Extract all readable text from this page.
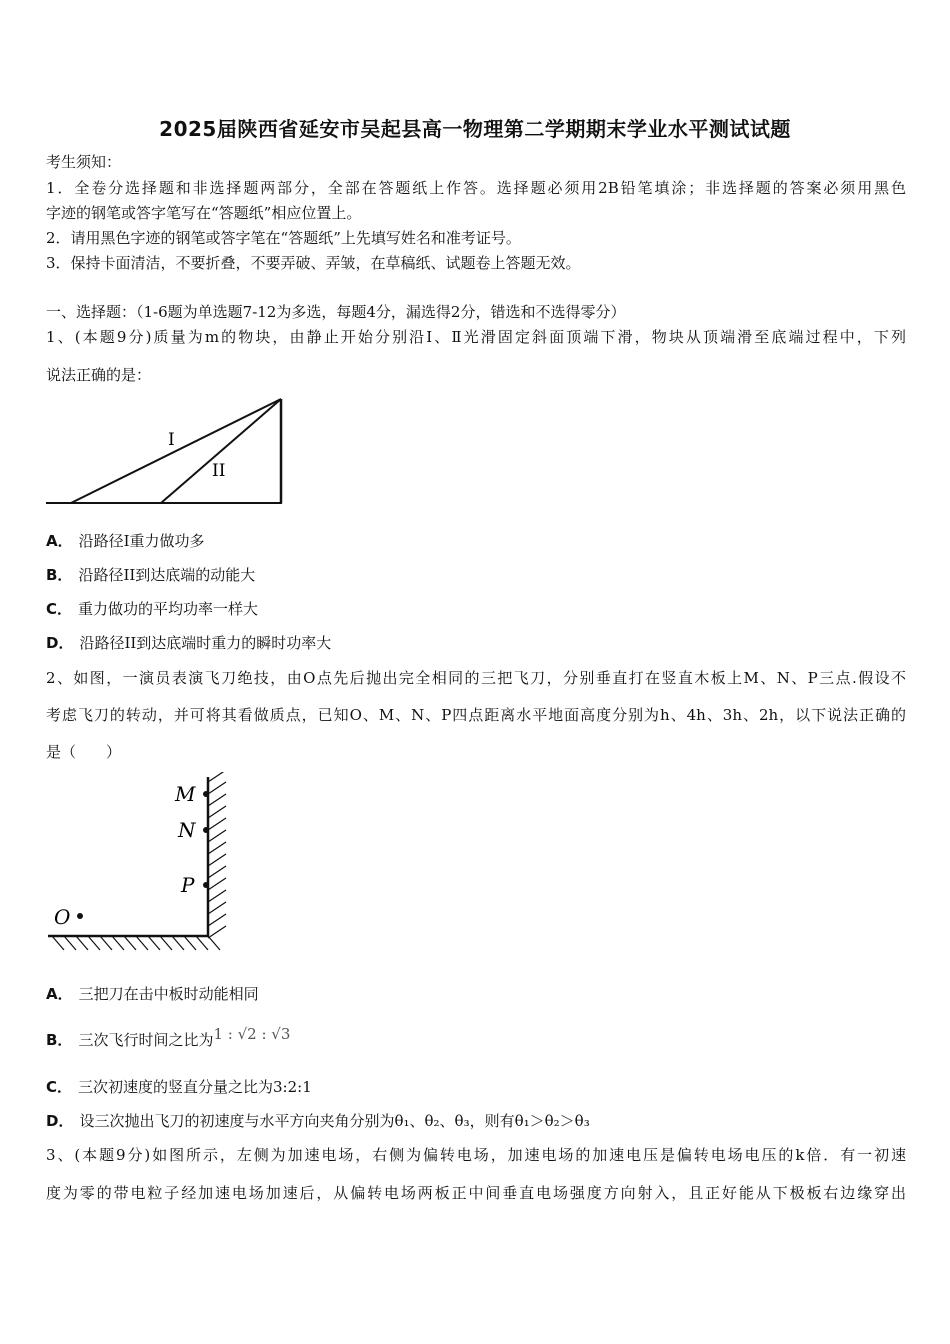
2025届陕西省延安市吴起县高一物理第二学期期末学业水平测试试题
考生须知：
1．全卷分选择题和非选择题两部分，全部在答题纸上作答。选择题必须用2B铅笔填涂；非选择题的答案必须用黑色
字迹的钢笔或答字笔写在“答题纸”相应位置上。
2．请用黑色字迹的钢笔或答字笔在“答题纸”上先填写姓名和准考证号。
3．保持卡面清洁，不要折叠，不要弄破、弄皱，在草稿纸、试题卷上答题无效。
一、选择题：（1-6题为单选题7-12为多选，每题4分，漏选得2分，错选和不选得零分）
1、(本题9分)质量为m的物块，由静止开始分别沿Ⅰ、Ⅱ光滑固定斜面顶端下滑，物块从顶端滑至底端过程中，下列
说法正确的是：
I
II
A． 沿路径Ⅰ重力做功多
B． 沿路径II到达底端的动能大
C． 重力做功的平均功率一样大
D． 沿路径II到达底端时重力的瞬时功率大
2、如图，一演员表演飞刀绝技，由O点先后抛出完全相同的三把飞刀，分别垂直打在竖直木板上M、N、P三点.假设不
考虑飞刀的转动，并可将其看做质点，已知O、M、N、P四点距离水平地面高度分别为h、4h、3h、2h，以下说法正确的
是（　　）
M
N
P
O
A． 三把刀在击中板时动能相同
B． 三次飞行时间之比为1 : √2 : √3
C． 三次初速度的竖直分量之比为3:2:1
D． 设三次抛出飞刀的初速度与水平方向夹角分别为θ₁、θ₂、θ₃，则有θ₁＞θ₂＞θ₃
3、(本题9分)如图所示，左侧为加速电场，右侧为偏转电场，加速电场的加速电压是偏转电场电压的k倍．有一初速
度为零的带电粒子经加速电场加速后，从偏转电场两板正中间垂直电场强度方向射入，且正好能从下极板右边缘穿出
